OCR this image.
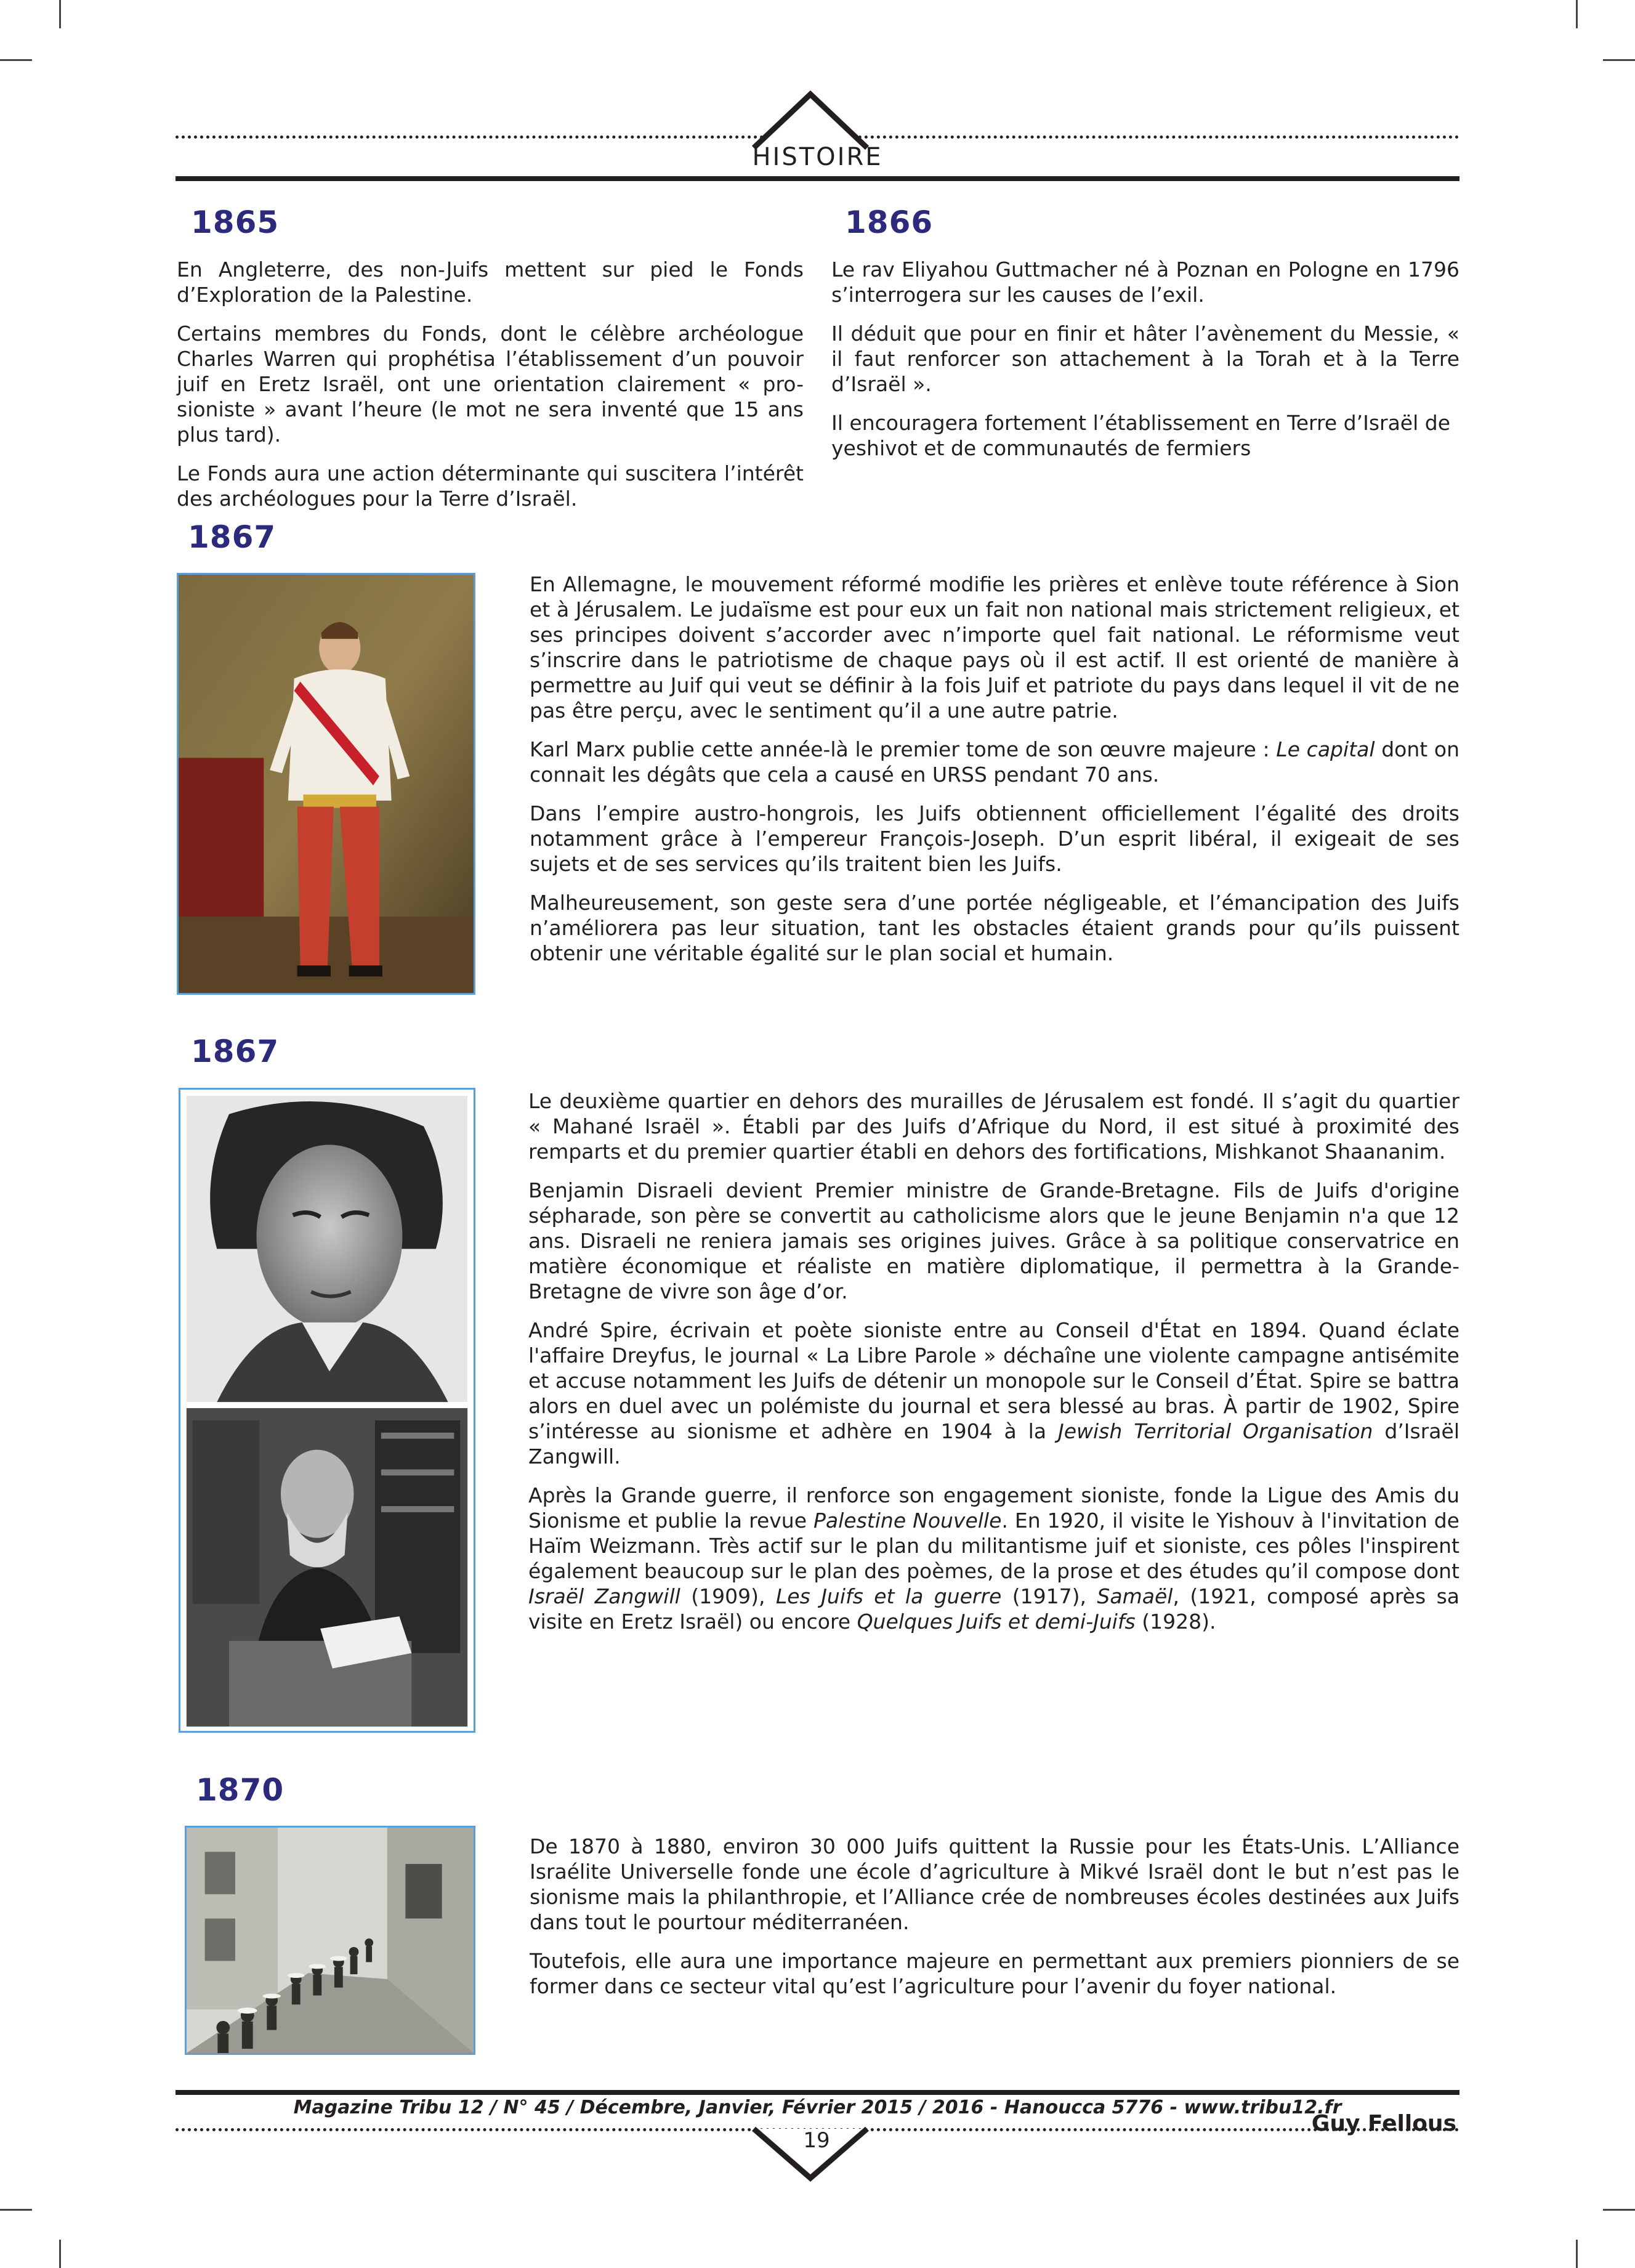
HISTOIRE
1865

En Angleterre, des non-Juifs mettent sur pied le Fonds d’Exploration de la Palestine.

Certains membres du Fonds, dont le célèbre archéologue Charles Warren qui prophétisa l’établissement d’un pouvoir juif en Eretz Israël, ont une orientation clairement « pro-sioniste » avant l’heure (le mot ne sera inventé que 15 ans plus tard).

Le Fonds aura une action déterminante qui suscitera l’intérêt des archéologues pour la Terre d’Israël.

1866

Le rav Eliyahou Guttmacher né à Poznan en Pologne en 1796 s’interrogera sur les causes de l’exil.

Il déduit que pour en finir et hâter l’avènement du Messie, « il faut renforcer son attachement à la Torah et à la Terre d’Israël ».

Il encouragera fortement l’établissement en Terre d’Israël de yeshivot et de communautés de fermiers

1867

En Allemagne, le mouvement réformé modifie les prières et enlève toute référence à Sion et à Jérusalem. Le judaïsme est pour eux un fait non national mais strictement religieux, et ses principes doivent s’accorder avec n’importe quel fait national. Le réformisme veut s’inscrire dans le patriotisme de chaque pays où il est actif. Il est orienté de manière à permettre au Juif qui veut se définir à la fois Juif et patriote du pays dans lequel il vit de ne pas être perçu, avec le sentiment qu’il a une autre patrie.

Karl Marx publie cette année-là le premier tome de son œuvre majeure : Le capital dont on connait les dégâts que cela a causé en URSS pendant 70 ans.

Dans l’empire austro-hongrois, les Juifs obtiennent officiellement l’égalité des droits notamment grâce à l’empereur François-Joseph. D’un esprit libéral, il exigeait de ses sujets et de ses services qu’ils traitent bien les Juifs.

Malheureusement, son geste sera d’une portée négligeable, et l’émancipation des Juifs n’améliorera pas leur situation, tant les obstacles étaient grands pour qu’ils puissent obtenir une véritable égalité sur le plan social et humain.

1867

Le deuxième quartier en dehors des murailles de Jérusalem est fondé. Il s’agit du quartier « Mahané Israël ». Établi par des Juifs d’Afrique du Nord, il est situé à proximité des remparts et du premier quartier établi en dehors des fortifications, Mishkanot Shaananim.

Benjamin Disraeli devient Premier ministre de Grande-Bretagne. Fils de Juifs d'origine sépharade, son père se convertit au catholicisme alors que le jeune Benjamin n'a que 12 ans. Disraeli ne reniera jamais ses origines juives. Grâce à sa politique conservatrice en matière économique et réaliste en matière diplomatique, il permettra à la Grande-Bretagne de vivre son âge d’or.

André Spire, écrivain et poète sioniste entre au Conseil d'État en 1894. Quand éclate l'affaire Dreyfus, le journal « La Libre Parole » déchaîne une violente campagne antisémite et accuse notamment les Juifs de détenir un monopole sur le Conseil d’État. Spire se battra alors en duel avec un polémiste du journal et sera blessé au bras. À partir de 1902, Spire s’intéresse au sionisme et adhère en 1904 à la Jewish Territorial Organisation d’Israël Zangwill.

Après la Grande guerre, il renforce son engagement sioniste, fonde la Ligue des Amis du Sionisme et publie la revue Palestine Nouvelle. En 1920, il visite le Yishouv à l'invitation de Haïm Weizmann. Très actif sur le plan du militantisme juif et sioniste, ces pôles l'inspirent également beaucoup sur le plan des poèmes, de la prose et des études qu’il compose dont Israël Zangwill (1909), Les Juifs et la guerre (1917), Samaël, (1921, composé après sa visite en Eretz Israël) ou encore Quelques Juifs et demi-Juifs (1928).

1870

De 1870 à 1880, environ 30 000 Juifs quittent la Russie pour les États-Unis. L’Alliance Israélite Universelle fonde une école d’agriculture à Mikvé Israël dont le but n’est pas le sionisme mais la philanthropie, et l’Alliance crée de nombreuses écoles destinées aux Juifs dans tout le pourtour méditerranéen.

Toutefois, elle aura une importance majeure en permettant aux premiers pionniers de se former dans ce secteur vital qu’est l’agriculture pour l’avenir du foyer national.

Guy Fellous
Magazine Tribu 12 / N° 45 / Décembre, Janvier, Février 2015 / 2016 - Hanoucca 5776 - www.tribu12.fr
19
